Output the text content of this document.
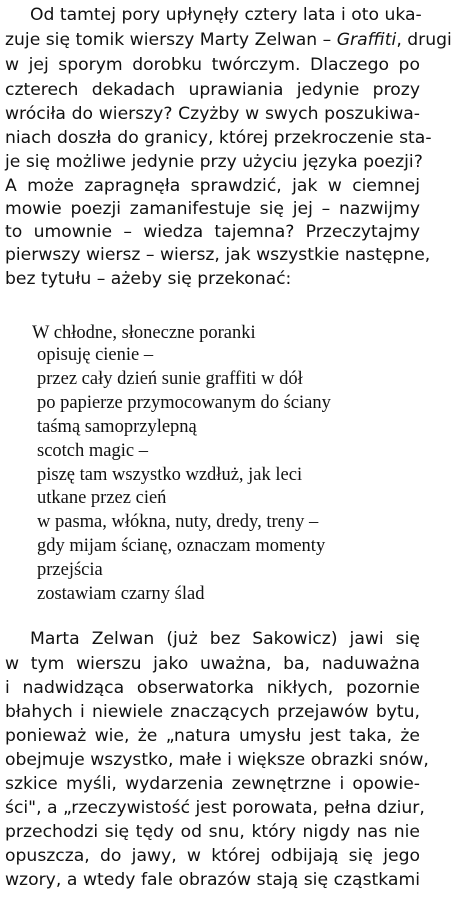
Od tamtej pory upłynęły cztery lata i oto uka-
zuje się tomik wierszy Marty Zelwan – Graffiti, drugi
w jej sporym dorobku twórczym. Dlaczego po
czterech dekadach uprawiania jedynie prozy
wróciła do wierszy? Czyżby w swych poszukiwa-
niach doszła do granicy, której przekroczenie sta-
je się możliwe jedynie przy użyciu języka poezji?
A może zapragnęła sprawdzić, jak w ciemnej
mowie poezji zamanifestuje się jej – nazwijmy
to umownie – wiedza tajemna? Przeczytajmy
pierwszy wiersz – wiersz, jak wszystkie następne,
bez tytułu – ażeby się przekonać:
W chłodne, słoneczne poranki
opisuję cienie –
przez cały dzień sunie graffiti w dół
po papierze przymocowanym do ściany
taśmą samoprzylepną
scotch magic –
piszę tam wszystko wzdłuż, jak leci
utkane przez cień
w pasma, włókna, nuty, dredy, treny –
gdy mijam ścianę, oznaczam momenty
przejścia
zostawiam czarny ślad
Marta Zelwan (już bez Sakowicz) jawi się
w tym wierszu jako uważna, ba, naduważna
i nadwidząca obserwatorka nikłych, pozornie
błahych i niewiele znaczących przejawów bytu,
ponieważ wie, że „natura umysłu jest taka, że
obejmuje wszystko, małe i większe obrazki snów,
szkice myśli, wydarzenia zewnętrzne i opowie-
ści", a „rzeczywistość jest porowata, pełna dziur,
przechodzi się tędy od snu, który nigdy nas nie
opuszcza, do jawy, w której odbijają się jego
wzory, a wtedy fale obrazów stają się cząstkami
